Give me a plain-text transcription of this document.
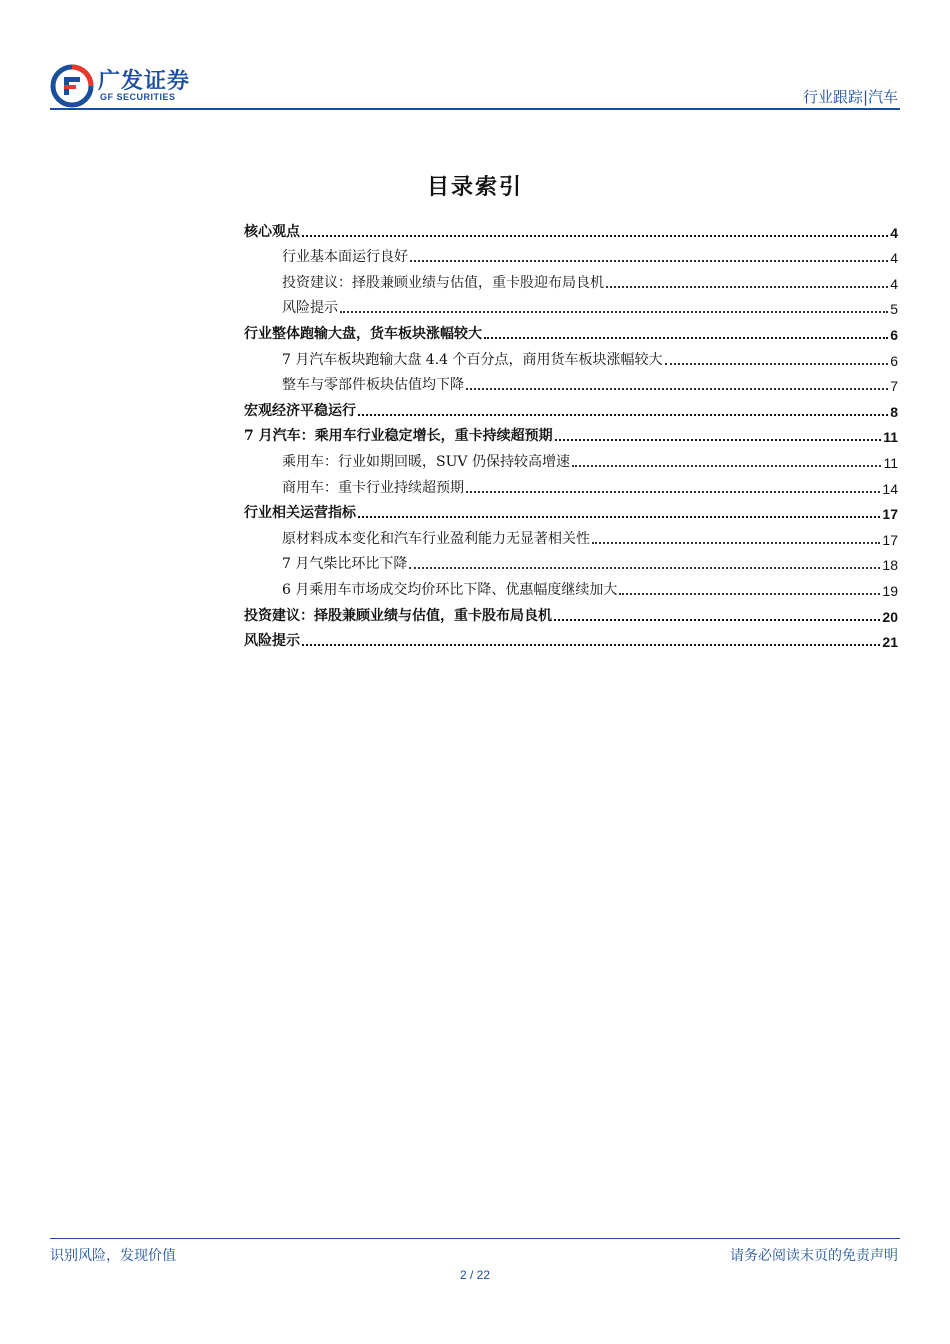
广发证券
GF SECURITIES	行业跟踪|汽车
目录索引
核心观点	4
行业基本面运行良好	4
投资建议：择股兼顾业绩与估值，重卡股迎布局良机	4
风险提示	5
行业整体跑输大盘，货车板块涨幅较大	6
7 月汽车板块跑输大盘 4.4 个百分点，商用货车板块涨幅较大	6
整车与零部件板块估值均下降	7
宏观经济平稳运行	8
7 月汽车：乘用车行业稳定增长，重卡持续超预期	11
乘用车：行业如期回暖，SUV 仍保持较高增速	11
商用车：重卡行业持续超预期	14
行业相关运营指标	17
原材料成本变化和汽车行业盈利能力无显著相关性	17
7 月气柴比环比下降	18
6 月乘用车市场成交均价环比下降、优惠幅度继续加大	19
投资建议：择股兼顾业绩与估值，重卡股布局良机	20
风险提示	21
识别风险，发现价值	请务必阅读末页的免责声明
2 / 22
